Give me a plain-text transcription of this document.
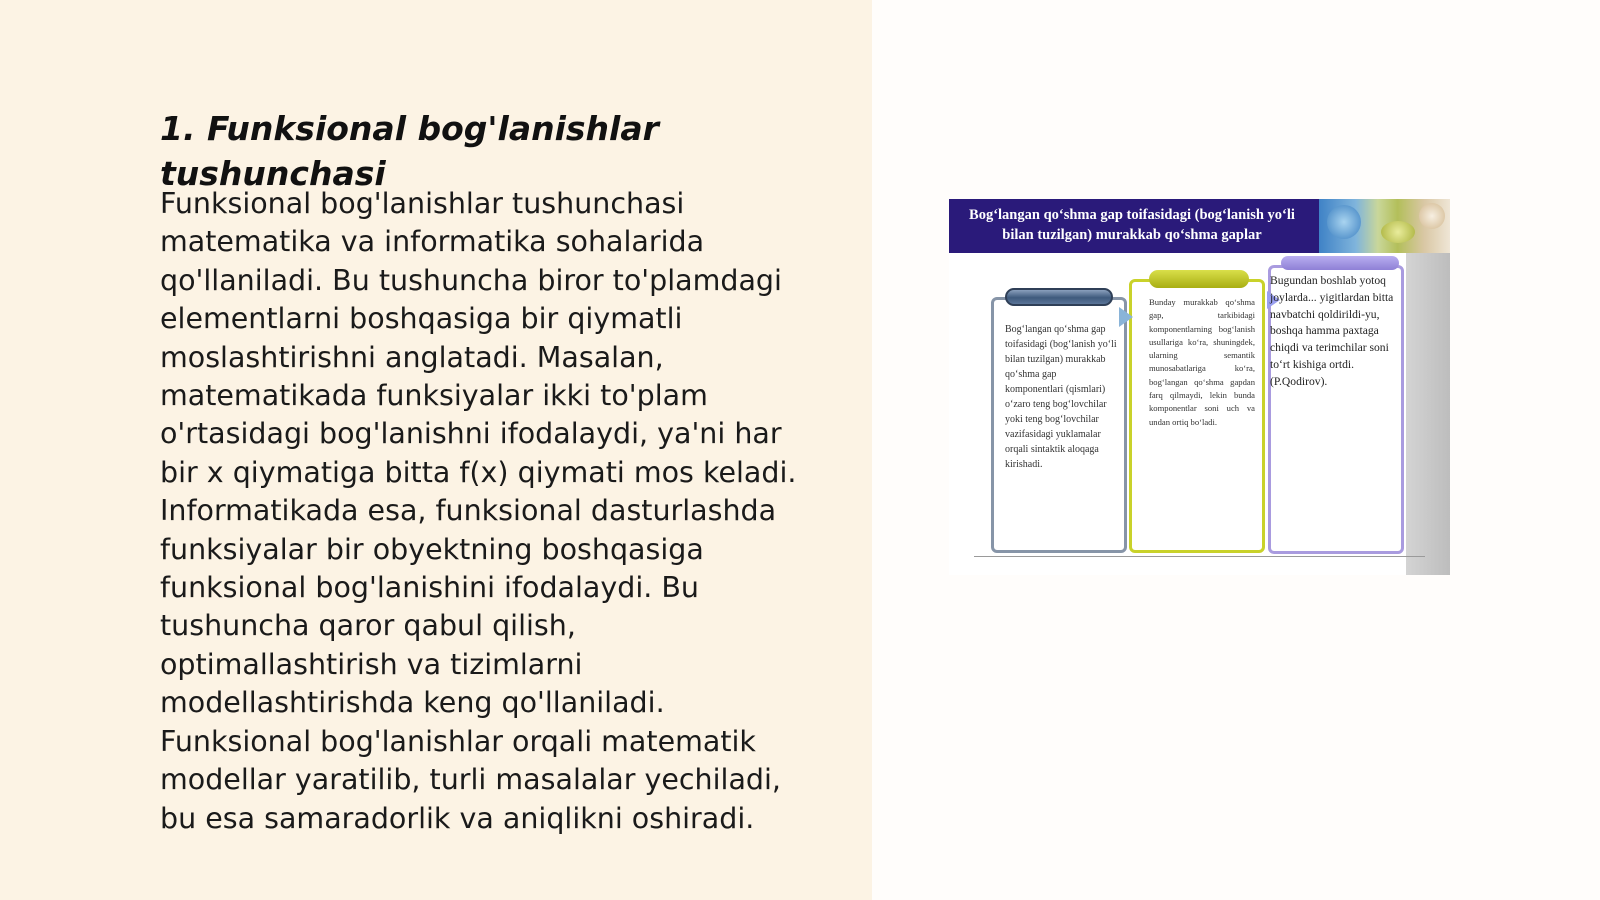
1. Funksional bog'lanishlar tushunchasi

Funksional bog'lanishlar tushunchasi matematika va informatika sohalarida qo'llaniladi. Bu tushuncha biror to'plamdagi elementlarni boshqasiga bir qiymatli moslashtirishni anglatadi. Masalan, matematikada funksiyalar ikki to'plam o'rtasidagi bog'lanishni ifodalaydi, ya'ni har bir x qiymatiga bitta f(x) qiymati mos keladi. Informatikada esa, funksional dasturlashda funksiyalar bir obyektning boshqasiga funksional bog'lanishini ifodalaydi. Bu tushuncha qaror qabul qilish, optimallashtirish va tizimlarni modellashtirishda keng qo'llaniladi. Funksional bog'lanishlar orqali matematik modellar yaratilib, turli masalalar yechiladi, bu esa samaradorlik va aniqlikni oshiradi.

Bog‘langan qo‘shma gap toifasidagi (bog‘lanish yo‘li bilan tuzilgan) murakkab qo‘shma gaplar
Bog‘langan qo‘shma gap toifasidagi (bog‘lanish yo‘li bilan tuzilgan) murakkab qo‘shma gap komponentlari (qismlari) o‘zaro teng bog‘lovchilar yoki teng bog‘lovchilar vazifasidagi yuklamalar orqali sintaktik aloqaga kirishadi.
Bunday murakkab qo‘shma gap, tarkibidagi komponentlarning bog‘lanish usullariga ko‘ra, shuningdek, ularning semantik munosabatlariga ko‘ra, bog‘langan qo‘shma gapdan farq qilmaydi, lekin bunda komponentlar soni uch va undan ortiq bo‘ladi.
Bugundan boshlab yotoq joylarda... yigitlardan bitta navbatchi qoldirildi-yu, boshqa hamma paxtaga chiqdi va terimchilar soni to‘rt kishiga ortdi. (P.Qodirov).
